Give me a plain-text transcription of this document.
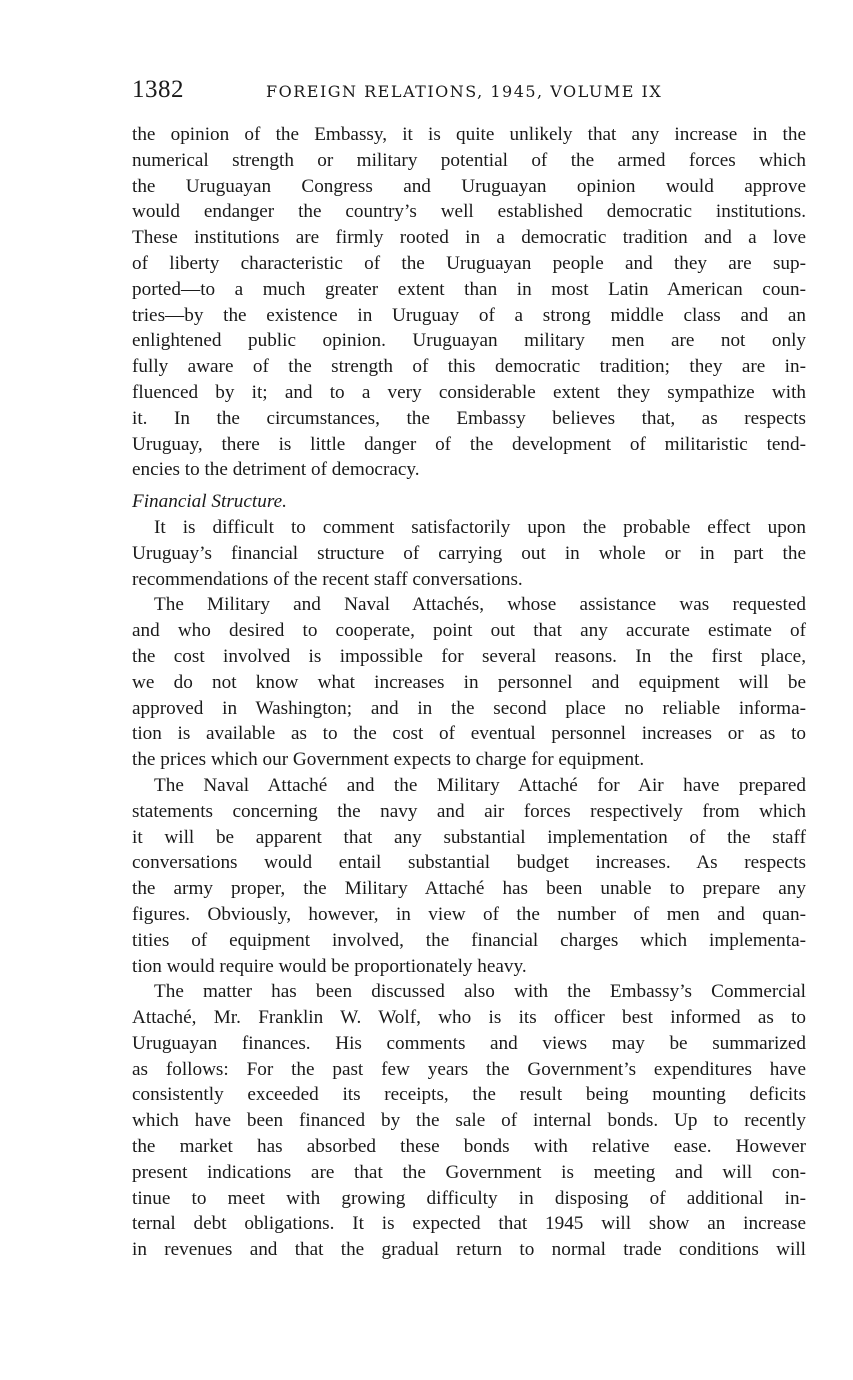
1382	FOREIGN RELATIONS, 1945, VOLUME IX
the opinion of the Embassy, it is quite unlikely that any increase in the
numerical strength or military potential of the armed forces which
the Uruguayan Congress and Uruguayan opinion would approve
would endanger the country’s well established democratic institutions.
These institutions are firmly rooted in a democratic tradition and a love
of liberty characteristic of the Uruguayan people and they are sup-
ported—to a much greater extent than in most Latin American coun-
tries—by the existence in Uruguay of a strong middle class and an
enlightened public opinion. Uruguayan military men are not only
fully aware of the strength of this democratic tradition; they are in-
fluenced by it; and to a very considerable extent they sympathize with
it. In the circumstances, the Embassy believes that, as respects
Uruguay, there is little danger of the development of militaristic tend-
encies to the detriment of democracy.
Financial Structure.
It is difficult to comment satisfactorily upon the probable effect upon
Uruguay’s financial structure of carrying out in whole or in part the
recommendations of the recent staff conversations.
The Military and Naval Attachés, whose assistance was requested
and who desired to cooperate, point out that any accurate estimate of
the cost involved is impossible for several reasons. In the first place,
we do not know what increases in personnel and equipment will be
approved in Washington; and in the second place no reliable informa-
tion is available as to the cost of eventual personnel increases or as to
the prices which our Government expects to charge for equipment.
The Naval Attaché and the Military Attaché for Air have prepared
statements concerning the navy and air forces respectively from which
it will be apparent that any substantial implementation of the staff
conversations would entail substantial budget increases. As respects
the army proper, the Military Attaché has been unable to prepare any
figures. Obviously, however, in view of the number of men and quan-
tities of equipment involved, the financial charges which implementa-
tion would require would be proportionately heavy.
The matter has been discussed also with the Embassy’s Commercial
Attaché, Mr. Franklin W. Wolf, who is its officer best informed as to
Uruguayan finances. His comments and views may be summarized
as follows: For the past few years the Government’s expenditures have
consistently exceeded its receipts, the result being mounting deficits
which have been financed by the sale of internal bonds. Up to recently
the market has absorbed these bonds with relative ease. However
present indications are that the Government is meeting and will con-
tinue to meet with growing difficulty in disposing of additional in-
ternal debt obligations. It is expected that 1945 will show an increase
in revenues and that the gradual return to normal trade conditions will
